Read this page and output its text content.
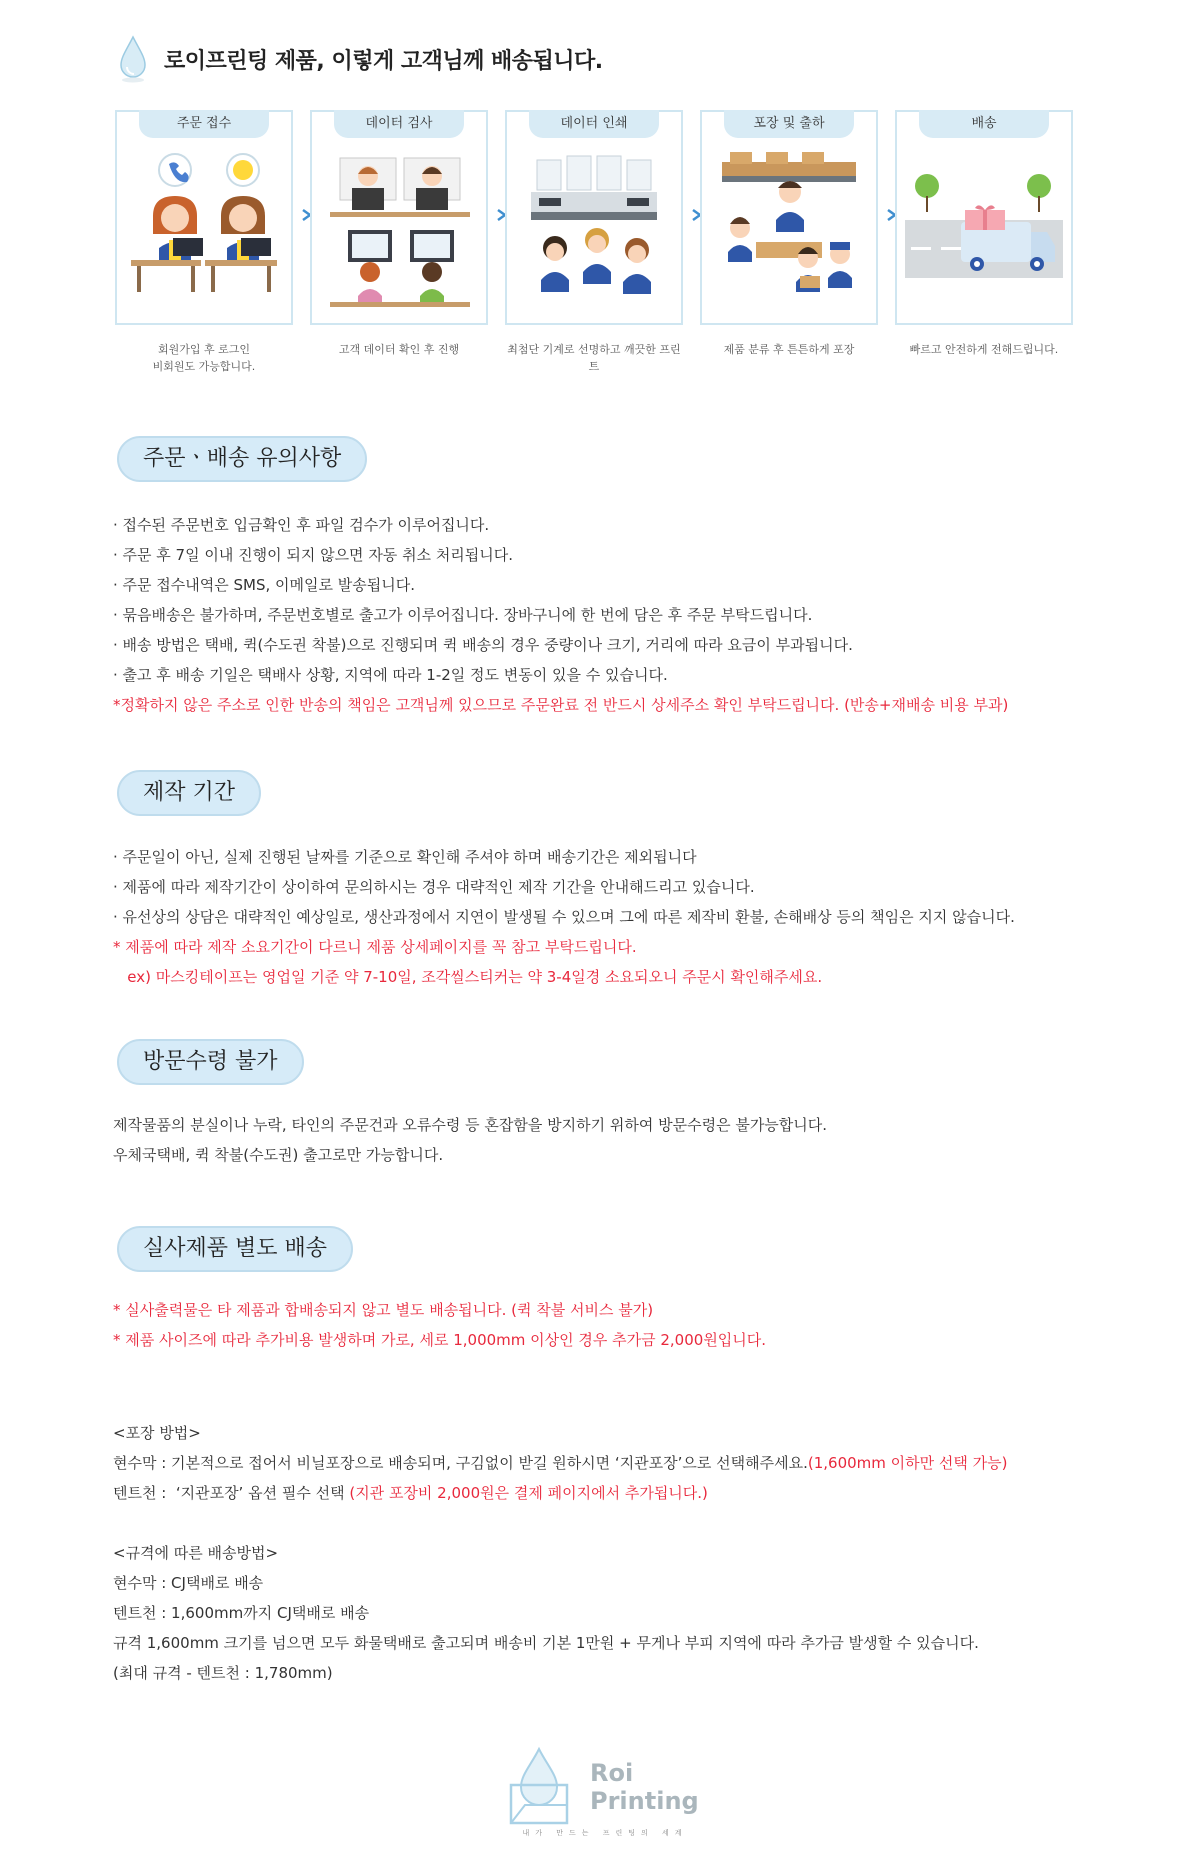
로이프린팅 제품, 이렇게 고객님께 배송됩니다.
주문 접수
회원가입 후 로그인
비회원도 가능합니다.
데이터 검사
고객 데이터 확인 후 진행
데이터 인쇄
최첨단 기계로 선명하고 깨끗한 프린트
포장 및 출하
제품 분류 후 튼튼하게 포장
배송
빠르고 안전하게 전해드립니다.
주문ㆍ배송 유의사항
· 접수된 주문번호 입금확인 후 파일 검수가 이루어집니다.
· 주문 후 7일 이내 진행이 되지 않으면 자동 취소 처리됩니다.
· 주문 접수내역은 SMS, 이메일로 발송됩니다.
· 묶음배송은 불가하며, 주문번호별로 출고가 이루어집니다. 장바구니에 한 번에 담은 후 주문 부탁드립니다.
· 배송 방법은 택배, 퀵(수도권 착불)으로 진행되며 퀵 배송의 경우 중량이나 크기, 거리에 따라 요금이 부과됩니다.
· 출고 후 배송 기일은 택배사 상황, 지역에 따라 1-2일 정도 변동이 있을 수 있습니다.
*정확하지 않은 주소로 인한 반송의 책임은 고객님께 있으므로 주문완료 전 반드시 상세주소 확인 부탁드립니다. (반송+재배송 비용 부과)
제작 기간
· 주문일이 아닌, 실제 진행된 날짜를 기준으로 확인해 주셔야 하며 배송기간은 제외됩니다
· 제품에 따라 제작기간이 상이하여 문의하시는 경우 대략적인 제작 기간을 안내해드리고 있습니다.
· 유선상의 상담은 대략적인 예상일로, 생산과정에서 지연이 발생될 수 있으며 그에 따른 제작비 환불, 손해배상 등의 책임은 지지 않습니다.
* 제품에 따라 제작 소요기간이 다르니 제품 상세페이지를 꼭 참고 부탁드립니다.
ex) 마스킹테이프는 영업일 기준 약 7-10일, 조각씰스티커는 약 3-4일경 소요되오니 주문시 확인해주세요.
방문수령 불가
제작물품의 분실이나 누락, 타인의 주문건과 오류수령 등 혼잡함을 방지하기 위하여 방문수령은 불가능합니다.
우체국택배, 퀵 착불(수도권) 출고로만 가능합니다.
실사제품 별도 배송
* 실사출력물은 타 제품과 합배송되지 않고 별도 배송됩니다. (퀵 착불 서비스 불가)
* 제품 사이즈에 따라 추가비용 발생하며 가로, 세로 1,000mm 이상인 경우 추가금 2,000원입니다.
<포장 방법>
현수막 : 기본적으로 접어서 비닐포장으로 배송되며, 구김없이 받길 원하시면 ‘지관포장’으로 선택해주세요.(1,600mm 이하만 선택 가능)
텐트천 :  ‘지관포장’ 옵션 필수 선택 (지관 포장비 2,000원은 결제 페이지에서 추가됩니다.)
<규격에 따른 배송방법>
현수막 : CJ택배로 배송
텐트천 : 1,600mm까지 CJ택배로 배송
규격 1,600mm 크기를 넘으면 모두 화물택배로 출고되며 배송비 기본 1만원 + 무게나 부피 지역에 따라 추가금 발생할 수 있습니다.
(최대 규격 - 텐트천 : 1,780mm)
Roi
Printing
내가 만드는 프린팅의 세계
